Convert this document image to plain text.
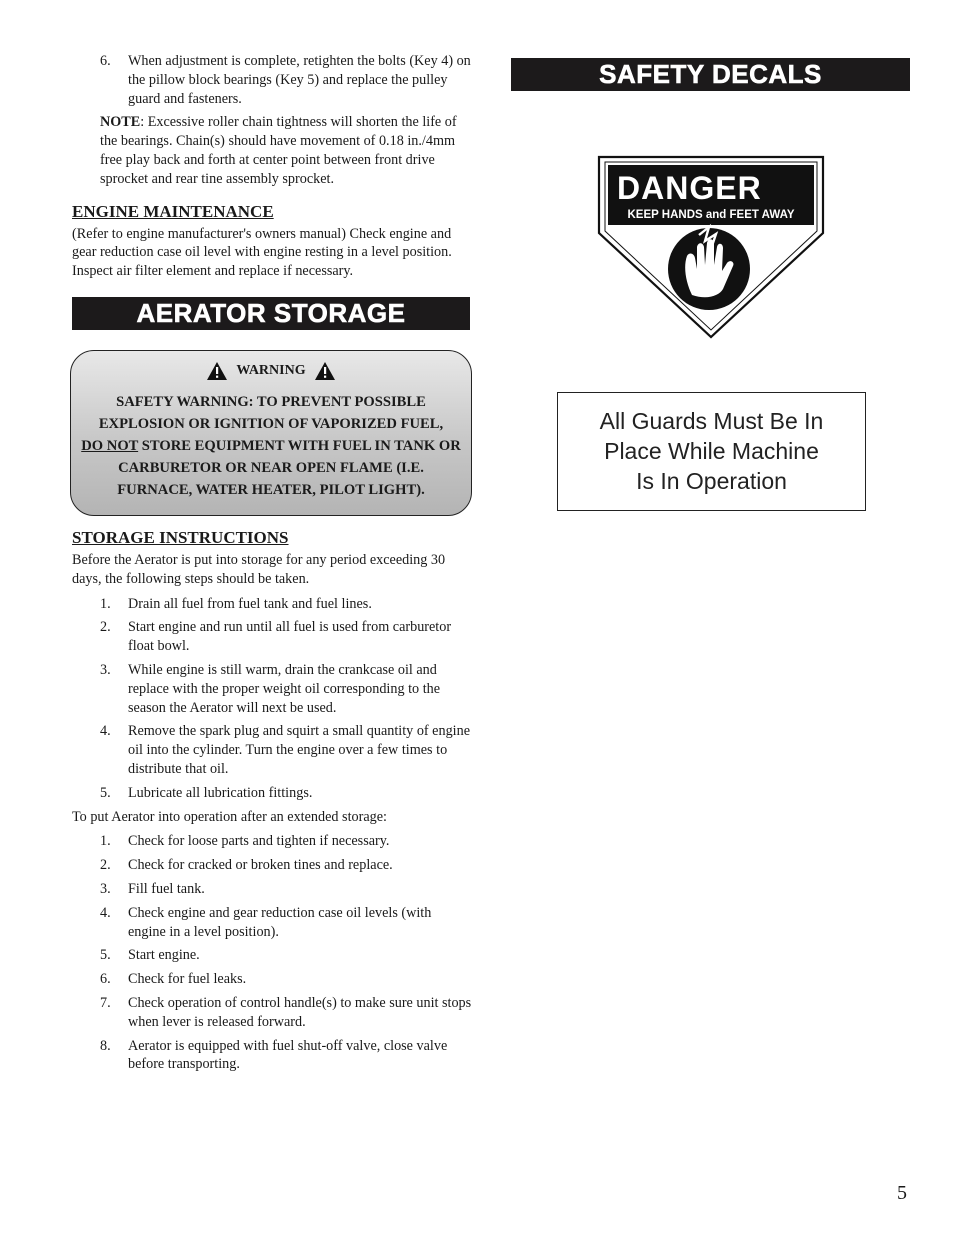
6. When adjustment is complete, retighten the bolts (Key 4) on the pillow block bearings (Key 5) and replace the pulley guard and fasteners.

NOTE: Excessive roller chain tightness will shorten the life of the bearings. Chain(s) should have movement of 0.18 in./4mm free play back and forth at center point between front drive sprocket and rear tine assembly sprocket.

ENGINE MAINTENANCE

(Refer to engine manufacturer's owners manual) Check engine and gear reduction case oil level with engine resting in a level position. Inspect air filter element and replace if necessary.

AERATOR STORAGE
WARNING
SAFETY WARNING: TO PREVENT POSSIBLE EXPLOSION OR IGNITION OF VAPORIZED FUEL,
DO NOT STORE EQUIPMENT WITH FUEL IN TANK OR CARBURETOR OR NEAR OPEN FLAME (I.E. FURNACE, WATER HEATER, PILOT LIGHT).
STORAGE INSTRUCTIONS

Before the Aerator is put into storage for any period exceeding 30 days, the following steps should be taken.

1. Drain all fuel from fuel tank and fuel lines.
2. Start engine and run until all fuel is used from carburetor float bowl.
3. While engine is still warm, drain the crankcase oil and replace with the proper weight oil corresponding to the season the Aerator will next be used.
4. Remove the spark plug and squirt a small quantity of engine oil into the cylinder. Turn the engine over a few times to distribute that oil.
5. Lubricate all lubrication fittings.

To put Aerator into operation after an extended storage:

1. Check for loose parts and tighten if necessary.
2. Check for cracked or broken tines and replace.
3. Fill fuel tank.
4. Check engine and gear reduction case oil levels (with engine in a level position).
5. Start engine.
6. Check for fuel leaks.
7. Check operation of control handle(s) to make sure unit stops when lever is released forward.
8. Aerator is equipped with fuel shut-off valve, close valve before transporting.
SAFETY DECALS
DANGER
KEEP HANDS and FEET AWAY
All Guards Must Be In
Place While Machine
Is In Operation
5
